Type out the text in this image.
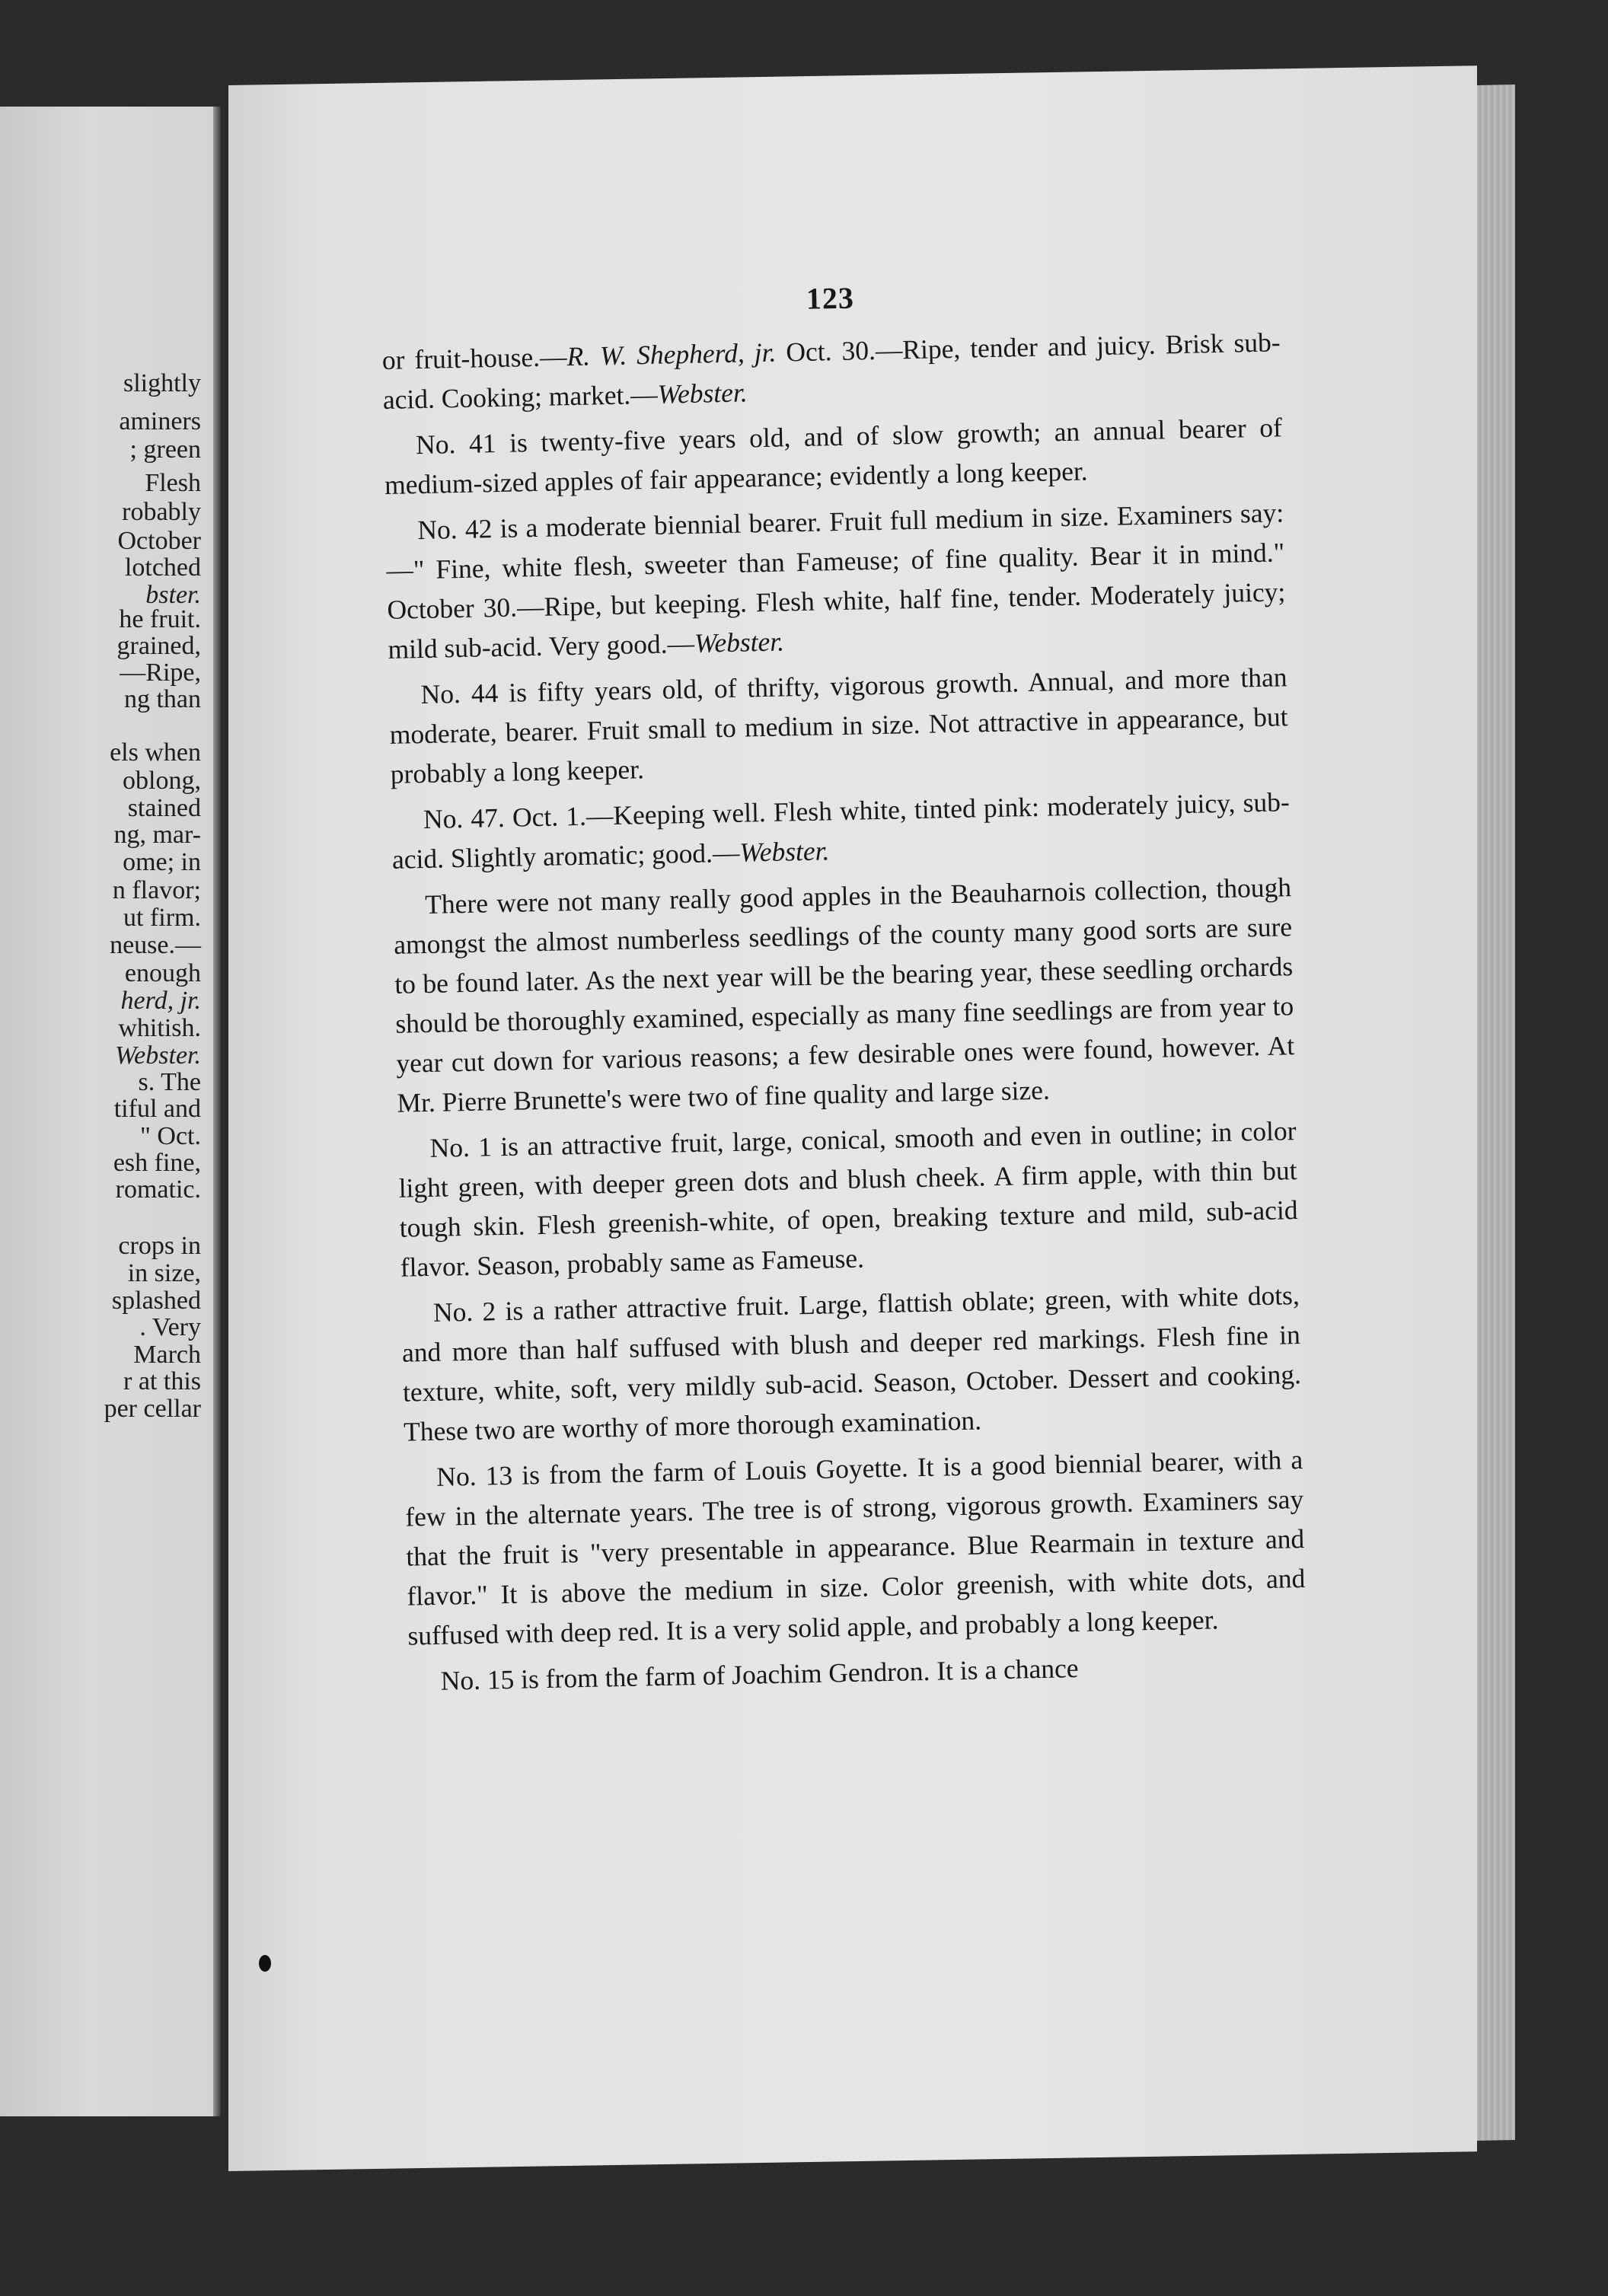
slightly
aminers
; green
Flesh
robably
October
lotched
bster.
he fruit.
grained,
—Ripe,
ng than
els when
oblong,
stained
ng, mar-
ome; in
n flavor;
ut firm.
neuse.—
enough
herd, jr.
whitish.
Webster.
s. The
tiful and
" Oct.
esh fine,
romatic.
crops in
in size,
splashed
. Very
March
r at this
per cellar
123

or fruit-house.—R. W. Shepherd, jr. Oct. 30.—Ripe, tender and juicy. Brisk sub-acid. Cooking; market.—Webster.

No. 41 is twenty-five years old, and of slow growth; an annual bearer of medium-sized apples of fair appearance; evidently a long keeper.

No. 42 is a moderate biennial bearer. Fruit full medium in size. Examiners say:—" Fine, white flesh, sweeter than Fameuse; of fine quality. Bear it in mind." October 30.—Ripe, but keeping. Flesh white, half fine, tender. Moderately juicy; mild sub-acid. Very good.—Webster.

No. 44 is fifty years old, of thrifty, vigorous growth. Annual, and more than moderate, bearer. Fruit small to medium in size. Not attractive in appearance, but probably a long keeper.

No. 47. Oct. 1.—Keeping well. Flesh white, tinted pink: moderately juicy, sub-acid. Slightly aromatic; good.—Webster.

There were not many really good apples in the Beauharnois collection, though amongst the almost numberless seedlings of the county many good sorts are sure to be found later. As the next year will be the bearing year, these seedling orchards should be thoroughly examined, especially as many fine seedlings are from year to year cut down for various reasons; a few desirable ones were found, however. At Mr. Pierre Brunette's were two of fine quality and large size.

No. 1 is an attractive fruit, large, conical, smooth and even in outline; in color light green, with deeper green dots and blush cheek. A firm apple, with thin but tough skin. Flesh greenish-white, of open, breaking texture and mild, sub-acid flavor. Season, probably same as Fameuse.

No. 2 is a rather attractive fruit. Large, flattish oblate; green, with white dots, and more than half suffused with blush and deeper red markings. Flesh fine in texture, white, soft, very mildly sub-acid. Season, October. Dessert and cooking. These two are worthy of more thorough examination.

No. 13 is from the farm of Louis Goyette. It is a good biennial bearer, with a few in the alternate years. The tree is of strong, vigorous growth. Examiners say that the fruit is "very presentable in appearance. Blue Rearmain in texture and flavor." It is above the medium in size. Color greenish, with white dots, and suffused with deep red. It is a very solid apple, and probably a long keeper.

No. 15 is from the farm of Joachim Gendron. It is a chance
